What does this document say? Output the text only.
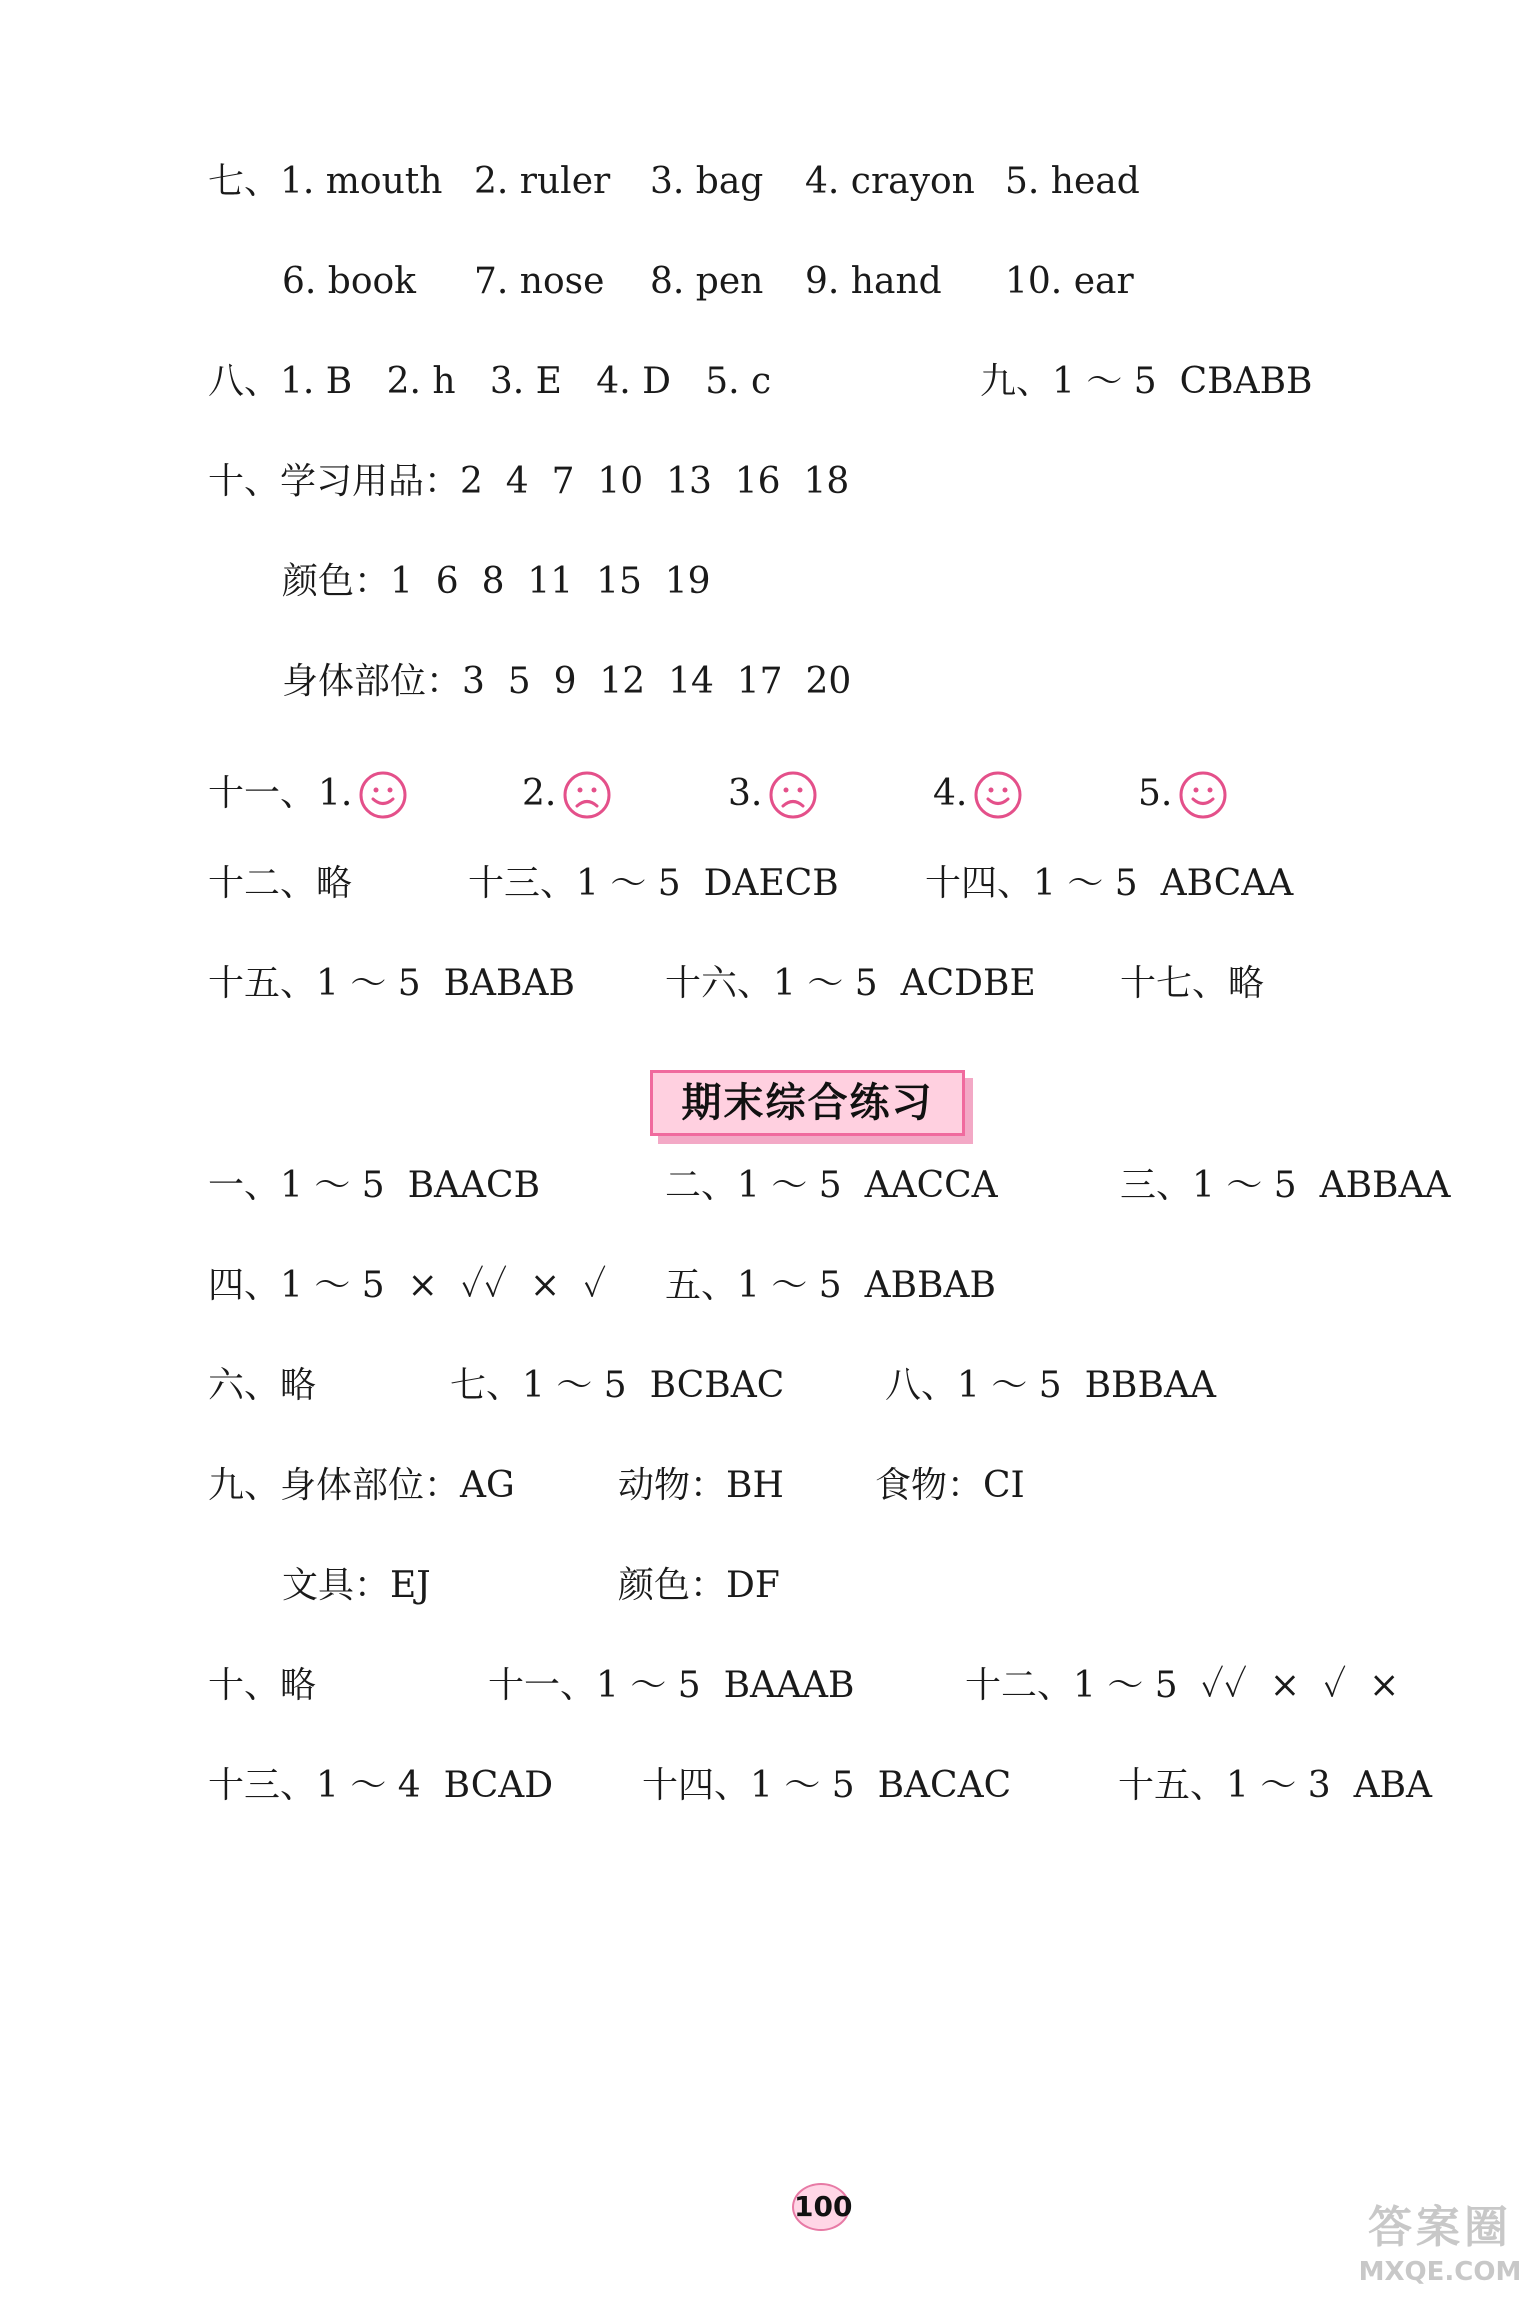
七、1. mouth 2. ruler 3. bag 4. crayon 5. head
6. book 7. nose 8. pen 9. hand 10. ear
八、1. B   2. h   3. E   4. D   5. c	九、1 ～ 5  CBABB
十、学习用品：2  4  7  10  13  16  18
颜色：1  6  8  11  15  19
身体部位：3  5  9  12  14  17  20
十一、 1.	2.	3.	4.	5.
十二、略	十三、1 ～ 5  DAECB 十四、1 ～ 5  ABCAA
十五、1 ～ 5  BABAB	十六、1 ～ 5  ACDBE 十七、略
期末综合练习
一、1 ～ 5  BAACB	二、1 ～ 5  AACCA	三、1 ～ 5  ABBAA
四、1 ～ 5  ×  ✓✓  ×  ✓ 五、1 ～ 5  ABBAB
六、略	七、1 ～ 5  BCBAC	八、1 ～ 5  BBBAA
九、身体部位：AG	动物：BH	食物：CI
文具：EJ	颜色：DF
十、略	十一、1 ～ 5  BAAAB	十二、1 ～ 5  ✓✓  ×  ✓  ×
十三、1 ～ 4  BCAD 十四、1 ～ 5  BACAC	十五、1 ～ 3  ABA
100	答案圈
MXQE.COM
